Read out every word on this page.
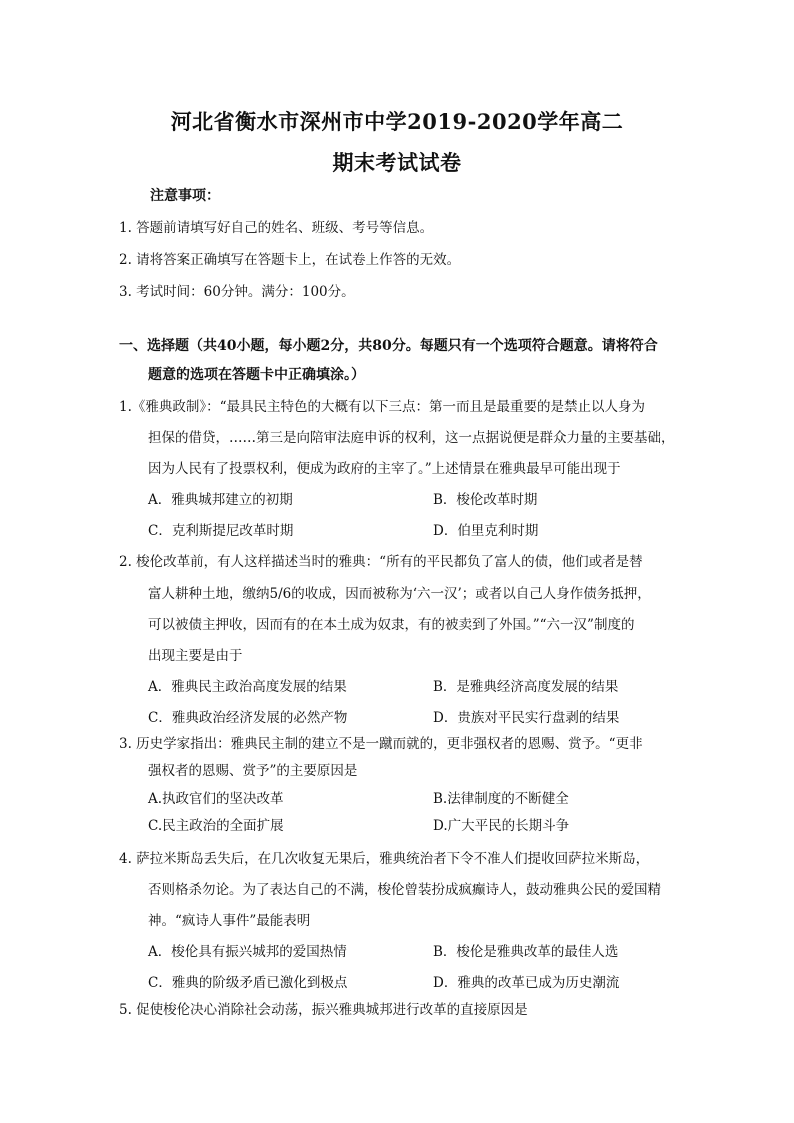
河北省衡水市深州市中学2019-2020学年高二
期末考试试卷
注意事项：
1. 答题前请填写好自己的姓名、班级、考号等信息。
2. 请将答案正确填写在答题卡上，在试卷上作答的无效。
3. 考试时间：60分钟。满分：100分。
一、选择题（共40小题，每小题2分，共80分。每题只有一个选项符合题意。请将符合
题意的选项在答题卡中正确填涂。）
1.《雅典政制》：“最具民主特色的大概有以下三点：第一而且是最重要的是禁止以人身为
担保的借贷，……第三是向陪审法庭申诉的权利，这一点据说便是群众力量的主要基础，
因为人民有了投票权利，便成为政府的主宰了。”上述情景在雅典最早可能出现于
A．雅典城邦建立的初期	B．梭伦改革时期
C．克利斯提尼改革时期	D．伯里克利时期
2. 梭伦改革前，有人这样描述当时的雅典：“所有的平民都负了富人的债，他们或者是替
富人耕种土地，缴纳5/6的收成，因而被称为‘六一汉’；或者以自己人身作债务抵押，
可以被债主押收，因而有的在本土成为奴隶，有的被卖到了外国。”“六一汉”制度的
出现主要是由于
A．雅典民主政治高度发展的结果	B．是雅典经济高度发展的结果
C．雅典政治经济发展的必然产物	D．贵族对平民实行盘剥的结果
3. 历史学家指出：雅典民主制的建立不是一蹴而就的，更非强权者的恩赐、赏予。“更非
强权者的恩赐、赏予”的主要原因是
A.执政官们的坚决改革	B.法律制度的不断健全
C.民主政治的全面扩展	D.广大平民的长期斗争
4. 萨拉米斯岛丢失后，在几次收复无果后，雅典统治者下令不准人们提收回萨拉米斯岛，
否则格杀勿论。为了表达自己的不满，梭伦曾装扮成疯癫诗人，鼓动雅典公民的爱国精
神。“疯诗人事件”最能表明
A．梭伦具有振兴城邦的爱国热情	B．梭伦是雅典改革的最佳人选
C．雅典的阶级矛盾已激化到极点	D．雅典的改革已成为历史潮流
5. 促使梭伦决心消除社会动荡，振兴雅典城邦进行改革的直接原因是
